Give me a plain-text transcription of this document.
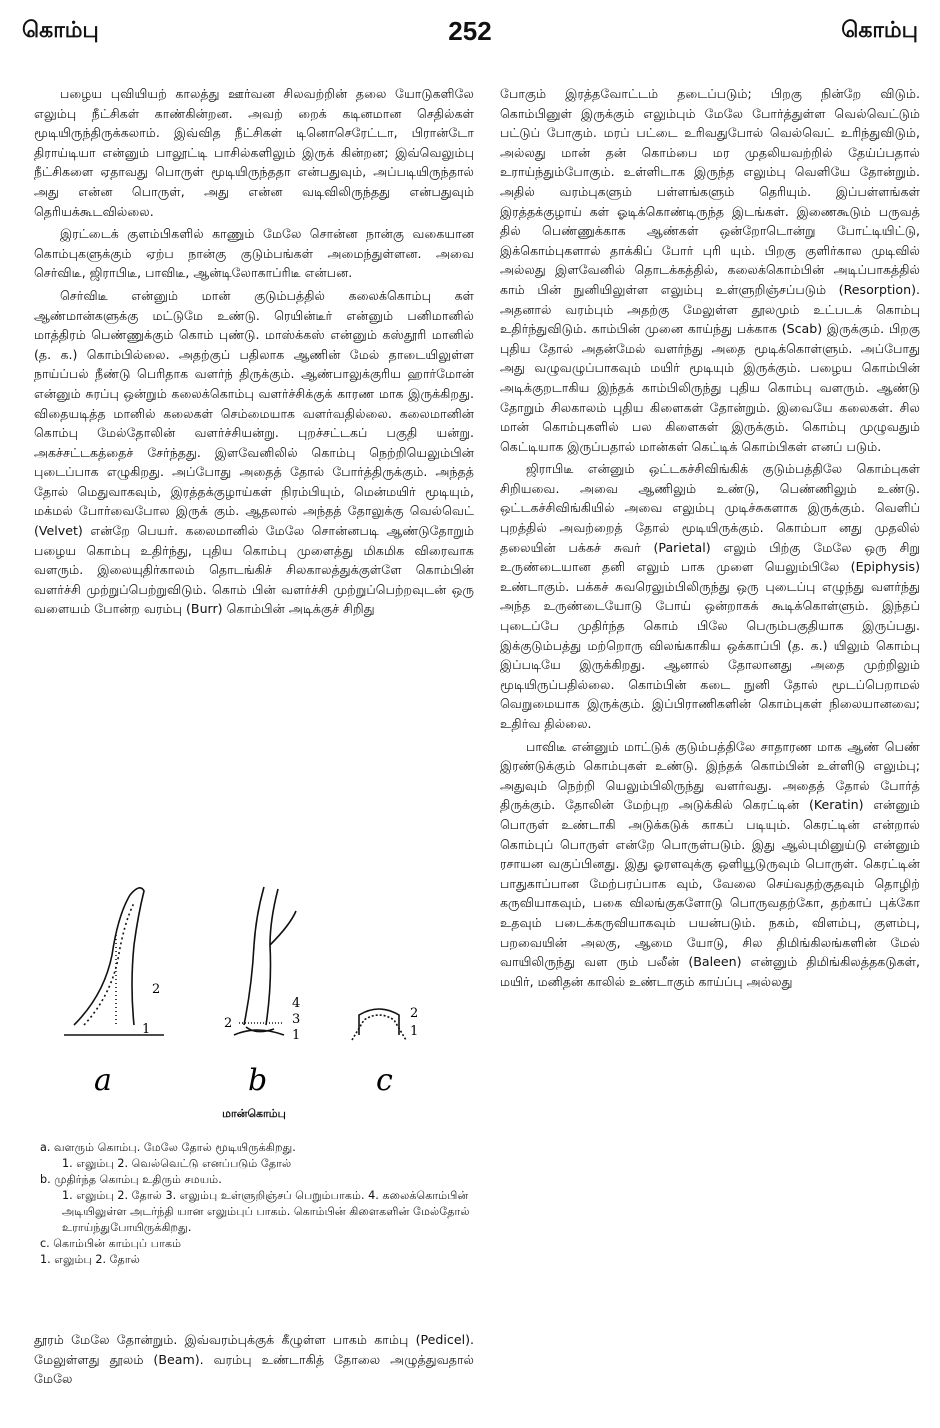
கொம்பு	252	கொம்பு

பழைய புவியியற் காலத்து ஊர்வன சிலவற்றின் தலை யோடுகளிலே எலும்பு நீட்சிகள் காண்கின்றன. அவற் றைக் கடினமான செதில்கள் மூடியிருந்திருக்கலாம். இவ்வித நீட்சிகள் டினொசெரேட்டா, பிரான்டோ திராய்டியா என்னும் பாலூட்டி பாசில்களிலும் இருக் கின்றன; இவ்வெலும்பு நீட்சிகளை ஏதாவது பொருள் மூடியிருந்ததா என்பதுவும், அப்படியிருந்தால் அது என்ன பொருள், அது என்ன வடிவிலிருந்தது என்பதுவும் தெரியக்கூடவில்லை.

இரட்டைக் குளம்பிகளில் காணும் மேலே சொன்ன நான்கு வகையான கொம்புகளுக்கும் ஏற்ப நான்கு குடும்பங்கள் அமைந்துள்ளன. அவை செர்விடீ, ஜிராபிடீ, பாவிடீ, ஆன்டிலோகாப்ரிடீ என்பன.

செர்விடீ என்னும் மான் குடும்பத்தில் கலைக்கொம்பு கள் ஆண்மான்களுக்கு மட்டுமே உண்டு. ரெயின்டீர் என்னும் பனிமானில் மாத்திரம் பெண்ணுக்கும் கொம் புண்டு. மாஸ்க்கஸ் என்னும் கஸ்தூரி மானில் (த. க.) கொம்பில்லை. அதற்குப் பதிலாக ஆணின் மேல் தாடையிலுள்ள நாய்ப்பல் நீண்டு பெரிதாக வளர்ந் திருக்கும். ஆண்பாலுக்குரிய ஹார்மோன் என்னும் சுரப்பு ஒன்றும் கலைக்கொம்பு வளர்ச்சிக்குக் காரண மாக இருக்கிறது. விதையடித்த மானில் கலைகள் செம்மையாக வளர்வதில்லை. கலைமானின் கொம்பு மேல்தோலின் வளர்ச்சியன்று. புறச்சட்டகப் பகுதி யன்று. அகச்சட்டகத்தைச் சேர்ந்தது. இளவேனிலில் கொம்பு நெற்றியெலும்பின் புடைப்பாக எழுகிறது. அப்போது அதைத் தோல் போர்த்திருக்கும். அந்தத் தோல் மெதுவாகவும், இரத்தக்குழாய்கள் நிரம்பியும், மென்மயிர் மூடியும், மக்மல் போர்வைபோல இருக் கும். ஆதலால் அந்தத் தோலுக்கு வெல்வெட் (Velvet) என்றே பெயர். கலைமானில் மேலே சொன்னபடி ஆண்டுதோறும் பழைய கொம்பு உதிர்ந்து, புதிய கொம்பு முளைத்து மிகமிக விரைவாக வளரும். இலையுதிர்காலம் தொடங்கிச் சிலகாலத்துக்குள்ளே கொம்பின் வளர்ச்சி முற்றுப்பெற்றுவிடும். கொம் பின் வளர்ச்சி முற்றுப்பெற்றவுடன் ஒரு வளையம் போன்ற வரம்பு (Burr) கொம்பின் அடிக்குச் சிறிது

2
1	2
4
3
1
2
1
a	b	c
மான்கொம்பு
a. வளரும் கொம்பு. மேலே தோல் மூடியிருக்கிறது.
1. எலும்பு 2. வெல்வெட்டு எனப்படும் தோல்
b. முதிர்ந்த கொம்பு உதிரும் சமயம்.
1. எலும்பு 2. தோல் 3. எலும்பு உள்ளுறிஞ்சப் பெறும்பாகம். 4. கலைக்கொம்பின் அடியிலுள்ள அடர்ந்தி யான எலும்புப் பாகம். கொம்பின் கிளைகளின் மேல்தோல் உராய்ந்துபோயிருக்கிறது.
c. கொம்பின் காம்புப் பாகம்
1. எலும்பு 2. தோல்

தூரம் மேலே தோன்றும். இவ்வரம்புக்குக் கீழுள்ள பாகம் காம்பு (Pedicel). மேலுள்ளது தூலம் (Beam). வரம்பு உண்டாகித் தோலை அழுத்துவதால் மேலே

போகும் இரத்தவோட்டம் தடைப்படும்; பிறகு நின்றே விடும். கொம்பினுள் இருக்கும் எலும்பும் மேலே போர்த்துள்ள வெல்வெட்டும் பட்டுப் போகும். மரப் பட்டை உரிவதுபோல் வெல்வெட் உரிந்துவிடும், அல்லது மான் தன் கொம்பை மர முதலியவற்றில் தேய்ப்பதால் உராய்ந்தும்போகும். உள்ளிடாக இருந்த எலும்பு வெளியே தோன்றும். அதில் வரம்புகளும் பள்ளங்களும் தெரியும். இப்பள்ளங்கள் இரத்தக்குழாய் கள் ஓடிக்கொண்டிருந்த இடங்கள். இணைகூடும் பருவத் தில் பெண்ணுக்காக ஆண்கள் ஒன்றோடொன்று போட்டியிட்டு, இக்கொம்புகளால் தாக்கிப் போர் புரி யும். பிறகு குளிர்கால முடிவில் அல்லது இளவேனில் தொடக்கத்தில், கலைக்கொம்பின் அடிப்பாகத்தில் காம் பின் நுனியிலுள்ள எலும்பு உள்ளுறிஞ்சப்படும் (Resorption). அதனால் வரம்பும் அதற்கு மேலுள்ள தூலமும் உட்படக் கொம்பு உதிர்ந்துவிடும். காம்பின் முனை காய்ந்து பக்காக (Scab) இருக்கும். பிறகு புதிய தோல் அதன்மேல் வளர்ந்து அதை மூடிக்கொள்ளும். அப்போது அது வழுவழுப்பாகவும் மயிர் மூடியும் இருக்கும். பழைய கொம்பின் அடிக்குறடாகிய இந்தக் காம்பிலிருந்து புதிய கொம்பு வளரும். ஆண்டு தோறும் சிலகாலம் புதிய கிளைகள் தோன்றும். இவையே கலைகள். சில மான் கொம்புகளில் பல கிளைகள் இருக்கும். கொம்பு முழுவதும் கெட்டியாக இருப்பதால் மான்கள் கெட்டிக் கொம்பிகள் எனப் படும்.

ஜிராபிடீ என்னும் ஒட்டகச்சிவிங்கிக் குடும்பத்திலே கொம்புகள் சிறியவை. அவை ஆணிலும் உண்டு, பெண்ணிலும் உண்டு. ஒட்டகச்சிவிங்கியில் அவை எலும்பு முடிச்சுகளாக இருக்கும். வெளிப் புறத்தில் அவற்றைத் தோல் மூடியிருக்கும். கொம்பா னது முதலில் தலையின் பக்கச் சுவர் (Parietal) எலும் பிற்கு மேலே ஒரு சிறு உருண்டையான தனி எலும் பாக முளை யெலும்பிலே (Epiphysis) உண்டாகும். பக்கச் சுவரெலும்பிலிருந்து ஒரு புடைப்பு எழுந்து வளர்ந்து அந்த உருண்டையோடு போய் ஒன்றாகக் கூடிக்கொள்ளும். இந்தப் புடைப்பே முதிர்ந்த கொம் பிலே பெரும்பகுதியாக இருப்பது. இக்குடும்பத்து மற்றொரு விலங்காகிய ஒக்காப்பி (த. க.) யிலும் கொம்பு இப்படியே இருக்கிறது. ஆனால் தோலானது அதை முற்றிலும் மூடியிருப்பதில்லை. கொம்பின் கடை நுனி தோல் மூடப்பெறாமல் வெறுமையாக இருக்கும். இப்பிராணிகளின் கொம்புகள் நிலையானவை; உதிர்வ தில்லை.

பாவிடீ என்னும் மாட்டுக் குடும்பத்திலே சாதாரண மாக ஆண் பெண் இரண்டுக்கும் கொம்புகள் உண்டு. இந்தக் கொம்பின் உள்ளிடு எலும்பு; அதுவும் நெற்றி யெலும்பிலிருந்து வளர்வது. அதைத் தோல் போர்த் திருக்கும். தோலின் மேற்புற அடுக்கில் கெரட்டின் (Keratin) என்னும் பொருள் உண்டாகி அடுக்கடுக் காகப் படியும். கெரட்டின் என்றால் கொம்புப் பொருள் என்றே பொருள்படும். இது ஆல்புமினுய்டு என்னும் ரசாயன வகுப்பினது. இது ஓரளவுக்கு ஒளியூடுருவும் பொருள். கெரட்டின் பாதுகாப்பான மேற்பரப்பாக வும், வேலை செய்வதற்குதவும் தொழிற் கருவியாகவும், பகை விலங்குகளோடு பொருவதற்கோ, தற்காப் புக்கோ உதவும் படைக்கருவியாகவும் பயன்படும். நகம், விளம்பு, குளம்பு, பறவையின் அலகு, ஆமை யோடு, சில திமிங்கிலங்களின் மேல் வாயிலிருந்து வள ரும் பலீன் (Baleen) என்னும் திமிங்கிலத்தகடுகள், மயிர், மனிதன் காலில் உண்டாகும் காய்ப்பு அல்லது
